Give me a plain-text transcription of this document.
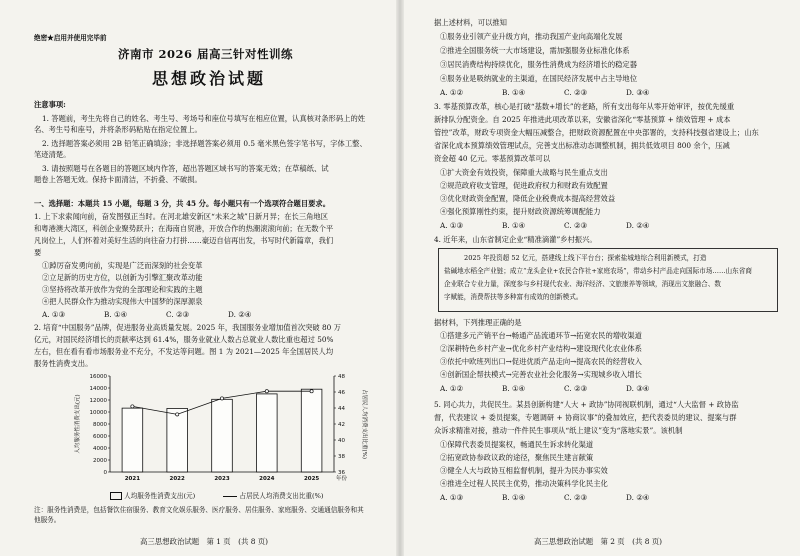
绝密★启用并使用完毕前
济南市 2026 届高三针对性训练
思想政治试题
注意事项:
1. 答题前，考生先将自己的姓名、考生号、考场号和座位号填写在相应位置，认真核对条形码上的姓
名、考生号和座号，并将条形码粘贴在指定位置上。
2. 选择题答案必须用 2B 铅笔正确填涂；非选择题答案必须用 0.5 毫米黑色签字笔书写，字体工整、
笔迹清楚。
3. 请按照题号在各题目的答题区域内作答，超出答题区域书写的答案无效；在草稿纸、试
题卷上答题无效。保持卡面清洁，不折叠、不破损。
一、选择题：本题共 15 小题，每题 3 分，共 45 分。每小题只有一个选项符合题目要求。
1. 上下求索闻向前，奋发图强正当时。在河北雄安新区“未来之城”日新月异；在长三角地区
和粤港澳大湾区，科创企业聚势跃升；在海南自贸港，开放合作的热潮滚滚向前；在无数个平
凡岗位上，人们怀着对美好生活的向往奋力打拼……豪迈自信再出发，书写时代新篇章，我们
要
①踔厉奋发勇向前，实现是广泛而深刻的社会变革
②立足新的历史方位，以创新为引擎汇聚改革动能
③坚持将改革开放作为党的全部理论和实践的主题
④把人民群众作为推动实现伟大中国梦的深厚源泉
A. ①③	B. ①④	C. ②③	D. ②④
2. 培育“中国服务”品牌，促进服务业高质量发展。2025 年，我国服务业增加值首次突破 80 万
亿元，对国民经济增长的贡献率达到 61.4%，服务业就业人数占总就业人数比重也超过 50%
左右，但在看有看市场服务业不充分，不发达等问题。图 1 为 2021—2025 年全国居民人均
服务性消费支出。
0
2000
4000
6000
8000
10000
12000
14000
16000
36
38
40
42
44
46
48
人均服务性消费支出(元)	占居民人均消费支出比重(%)
2021	2022	2023	2024	2025	年份
人均服务性消费支出(元)	占居民人均消费支出比重(%)
注：服务性消费是，包括餐饮住宿服务、教育文化娱乐服务、医疗服务、居住服务、家庭服务、交通通信服务和其他服务。
高三思想政治试题　第 1 页　(共 8 页)
据上述材料，可以推知
①服务业引领产业升级方向，推动我国产业向高端化发展
②推进全国服务统一大市场建设，需加强服务业标准化体系
③居民消费结构持续优化，服务性消费成为经济增长的稳定器
④服务业是吸纳就业的主渠道，在国民经济发展中占主导地位
A. ①②	B. ①④	C. ②③	D. ③④
3. 零基预算改革，核心是打破“基数+增长”的老路，所有支出每年从零开始审评，按优先缓重
新排队分配资金。自 2025 年推进此项改革以来，安徽省深化“零基预算 + 绩效管理 + 成本
管控”改革，财政专项资金大幅压减整合，把财政资源配置在中央部署的，支持科技强省建设上；山东
省深化成本预算绩效管理试点，完善支出标准动态调整机制，拥共低效项目 800 余个，压减
资金超 40 亿元。零基预算改革可以
①扩大资金有效投资，保障重大战略与民生重点支出
②规范政府收支管理，促进政府权力和财政有效配置
③优化财政资金配置，降低企业税费成本提高经营效益
④强化预算刚性约束，提升财政资源统筹调配能力
A. ①③	B. ①④	C. ②③	D. ②④
4. 近年来，山东省制定企业“精准滴灌”乡村振兴。
2025 年投资超 52 亿元，搭建线上线下平台台；探索盐城地综合利用新模式，打造
盐碱地水稻全产业链；成立“龙头企业+农民合作社+家庭农场”，带动乡村产品走向国际市场……山东省商
企业联合专业力量，深度参与乡村现代农业、海洋经济、文旅康养等领域，消现出文旅融合、数
字赋能，消费帮扶等多种富有成效的创新模式。
据材料，下列推理正确的是
①搭建多元产销平台→畅通产品流通环节→拓宽农民的增收渠道
②深耕特色乡村产业→优化乡村产业结构→建设现代化农业体系
③依托中欧班列出口→促进优质产品走向→提高农民的经营收入
④创新国企帮扶模式→完善农业社会化服务→实现城乡收入增长
A. ①②	B. ①④	C. ②③	D. ③④
5. 同心共力，共促民生。某县创新构建“人大 + 政协”协同视联机制，通过“人大监督 + 政协监
督，代表建议 + 委员提案，专题调研 + 协商议事”的叠加效应，把代表委员的建议、提案与群
众诉求精准对接，推动一件件民生事项从“纸上建议”变为“落地实景”。该机制
①保障代表委员提案权，畅通民生诉求转化渠道
②拓宽政协参政议政的途径，聚焦民生建言献策
③健全人大与政协互相监督机制，提升为民办事实效
④推进全过程人民民主优势，推动决策科学化民主化
A. ①③	B. ①④	C. ②③	D. ②④
高三思想政治试题　第 2 页　(共 8 页)
